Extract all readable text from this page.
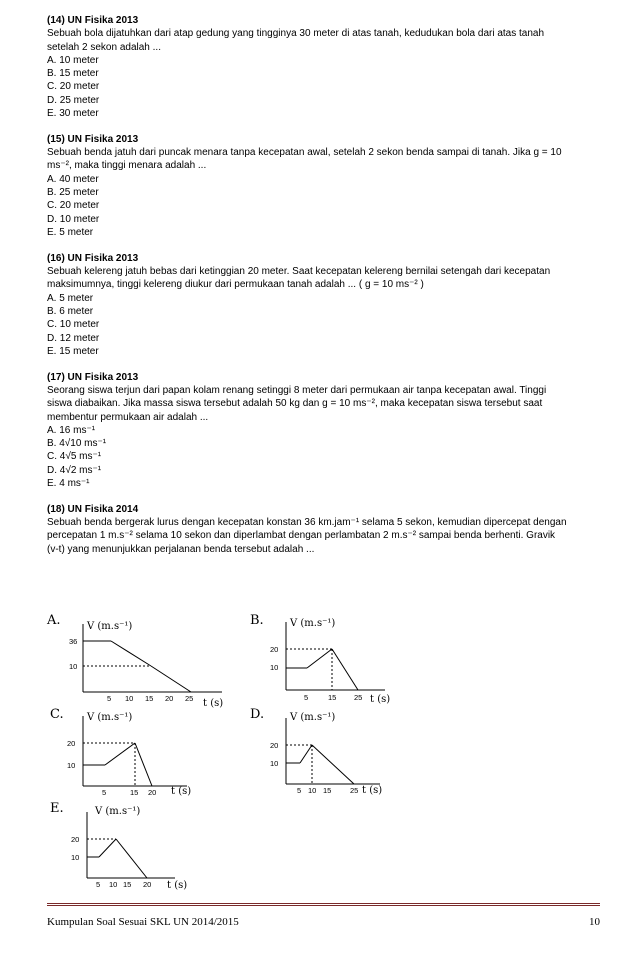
(14) UN Fisika 2013
Sebuah bola dijatuhkan dari atap gedung yang tingginya 30 meter di atas tanah, kedudukan bola dari atas tanah
setelah 2 sekon adalah ...
A. 10 meter
B. 15 meter
C. 20 meter
D. 25 meter
E. 30 meter
(15) UN Fisika 2013
Sebuah benda jatuh dari puncak menara tanpa kecepatan awal, setelah 2 sekon benda sampai di tanah. Jika g = 10
ms⁻², maka tinggi menara adalah ...
A. 40 meter
B. 25 meter
C. 20 meter
D. 10 meter
E. 5 meter
(16) UN Fisika 2013
Sebuah kelereng jatuh bebas dari ketinggian 20 meter. Saat kecepatan kelereng bernilai setengah dari kecepatan
maksimumnya, tinggi kelereng diukur dari permukaan tanah adalah ... ( g = 10 ms⁻² )
A. 5 meter
B. 6 meter
C. 10 meter
D. 12 meter
E. 15 meter
(17) UN Fisika 2013
Seorang siswa terjun dari papan kolam renang setinggi 8 meter dari permukaan air tanpa kecepatan awal. Tinggi
siswa diabaikan. Jika massa siswa tersebut adalah 50 kg dan g = 10 ms⁻², maka kecepatan siswa tersebut saat
membentur permukaan air adalah ...
A. 16 ms⁻¹
B. 4√10 ms⁻¹
C. 4√5 ms⁻¹
D. 4√2 ms⁻¹
E. 4 ms⁻¹
(18) UN Fisika 2014
Sebuah benda bergerak lurus dengan kecepatan konstan 36 km.jam⁻¹ selama 5 sekon, kemudian dipercepat dengan
percepatan 1 m.s⁻² selama 10 sekon dan diperlambat dengan perlambatan 2 m.s⁻² sampai benda berhenti. Gravik
(v-t) yang menunjukkan perjalanan benda tersebut adalah ...
A.	V (m.s⁻¹)
36
10
5 10 15 20 25 t (s)
B.	V (m.s⁻¹)
20
10
5	15 25 t (s)
C. V (m.s⁻¹)
20
10
5	15 20 t (s)
D.	V (m.s⁻¹)
20
10
5 10 15 25 t (s)
E.	V (m.s⁻¹)
20
10
5 10 15 20 t (s)
Kumpulan Soal Sesuai SKL UN 2014/2015	10
